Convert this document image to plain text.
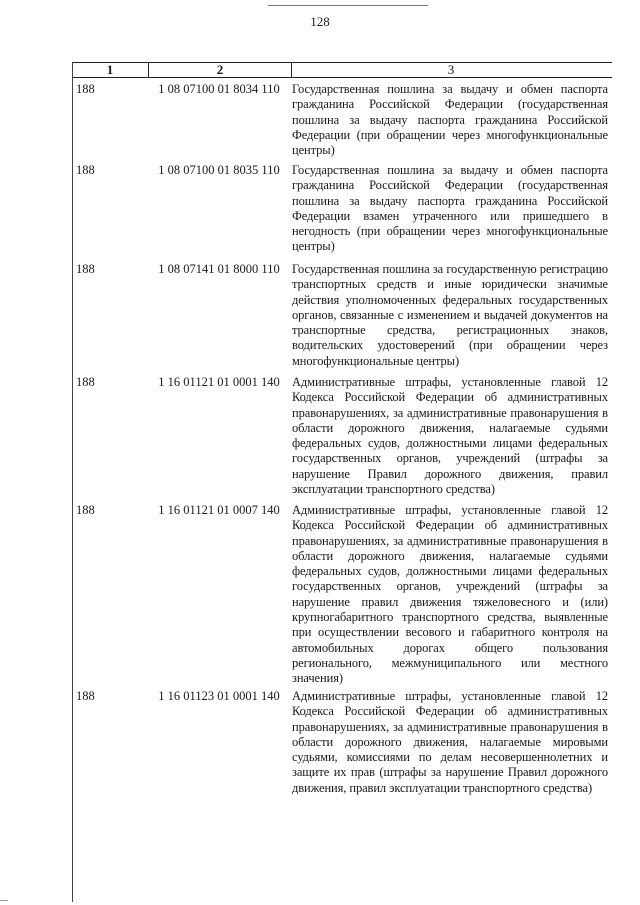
128
1	2	3
188	1 08 07100 01 8034 110 Государственная пошлина за выдачу и обмен паспорта гражданина Российской Федерации (государственная пошлина за выдачу паспорта гражданина Российской Федерации (при обращении через многофункциональные центры)
188	1 08 07100 01 8035 110 Государственная пошлина за выдачу и обмен паспорта гражданина Российской Федерации (государственная пошлина за выдачу паспорта гражданина Российской Федерации взамен утраченного или пришедшего в негодность (при обращении через многофункциональные центры)
188	1 08 07141 01 8000 110 Государственная пошлина за государственную регистрацию транспортных средств и иные юридически значимые действия уполномоченных федеральных государственных органов, связанные с изменением и выдачей документов на транспортные средства, регистрационных знаков, водительских удостоверений (при обращении через многофункциональные центры)
188	1 16 01121 01 0001 140 Административные штрафы, установленные главой 12 Кодекса Российской Федерации об административных правонарушениях, за административные правонарушения в области дорожного движения, налагаемые судьями федеральных судов, должностными лицами федеральных государственных органов, учреждений (штрафы за нарушение Правил дорожного движения, правил эксплуатации транспортного средства)
188	1 16 01121 01 0007 140 Административные штрафы, установленные главой 12 Кодекса Российской Федерации об административных правонарушениях, за административные правонарушения в области дорожного движения, налагаемые судьями федеральных судов, должностными лицами федеральных государственных органов, учреждений (штрафы за нарушение правил движения тяжеловесного и (или) крупногабаритного транспортного средства, выявленные при осуществлении весового и габаритного контроля на автомобильных дорогах общего пользования регионального, межмуниципального или местного значения)
188	1 16 01123 01 0001 140 Административные штрафы, установленные главой 12 Кодекса Российской Федерации об административных правонарушениях, за административные правонарушения в области дорожного движения, налагаемые мировыми судьями, комиссиями по делам несовершеннолетних и защите их прав (штрафы за нарушение Правил дорожного движения, правил эксплуатации транспортного средства)
